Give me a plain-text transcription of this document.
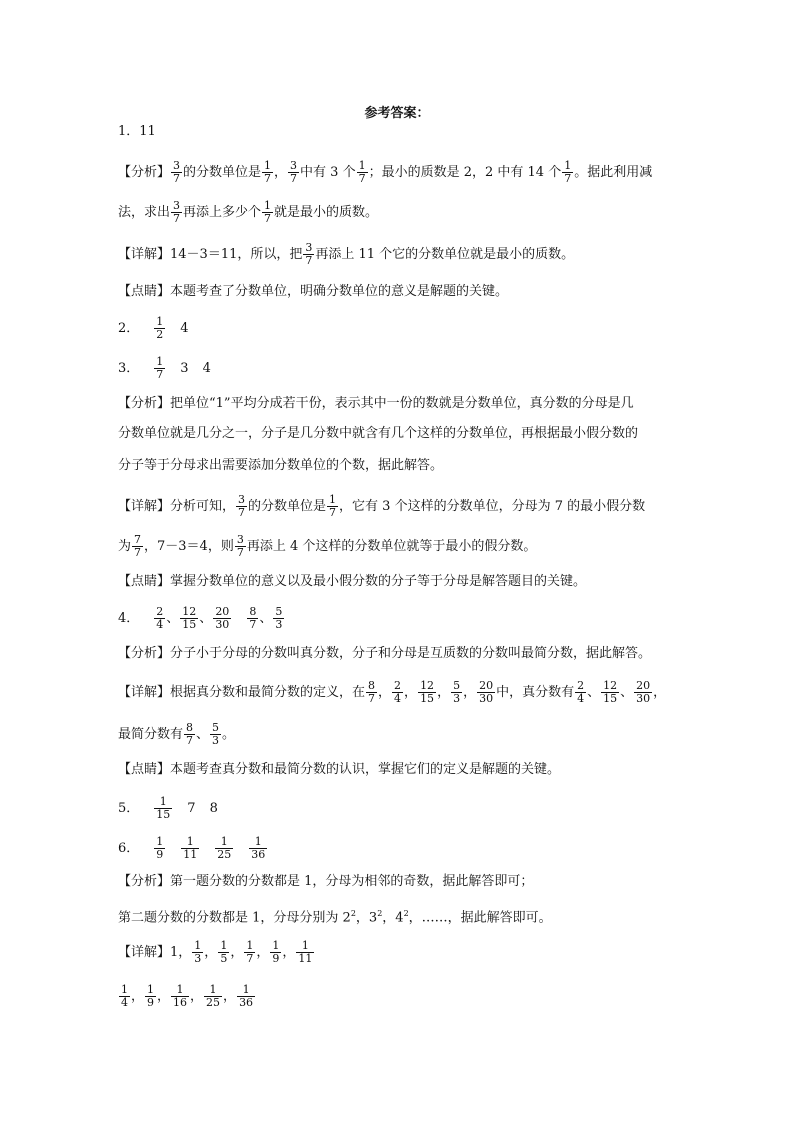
参考答案：
1．11
【分析】 $\frac{3}{7}$ 的分数单位是 $\frac{1}{7}$ ， $\frac{3}{7}$ 中有 3 个 $\frac{1}{7}$ ；最小的质数是 2，2 中有 14 个 $\frac{1}{7}$ 。据此利用减
法，求出 $\frac{3}{7}$ 再添上多少个 $\frac{1}{7}$ 就是最小的质数。
【详解】14－3＝11，所以，把 $\frac{3}{7}$ 再添上 11 个它的分数单位就是最小的质数。
【点睛】本题考查了分数单位，明确分数单位的意义是解题的关键。
2． $\frac{1}{2} 4$
3． $\frac{1}{7} 3$ 4
【分析】把单位“1”平均分成若干份，表示其中一份的数就是分数单位，真分数的分母是几
分数单位就是几分之一，分子是几分数中就含有几个这样的分数单位，再根据最小假分数的
分子等于分母求出需要添加分数单位的个数，据此解答。
【详解】分析可知， $\frac{3}{7}$ 的分数单位是 $\frac{1}{7}$ ，它有 3 个这样的分数单位，分母为 7 的最小假分数
为 $\frac{7}{7}$ ，7－3＝4，则 $\frac{3}{7}$ 再添上 4 个这样的分数单位就等于最小的假分数。
【点睛】掌握分数单位的意义以及最小假分数的分子等于分母是解答题目的关键。
4． $\frac{2}{4}$ 、 $\frac{12}{15}$ 、 $\frac{20}{30} \frac{8}{7}$ 、 $\frac{5}{3}$
【分析】分子小于分母的分数叫真分数，分子和分母是互质数的分数叫最简分数，据此解答。
【详解】根据真分数和最简分数的定义，在 $\frac{8}{7}$ ， $\frac{2}{4}$ ， $\frac{12}{15}$ ， $\frac{5}{3}$ ， $\frac{20}{30}$ 中，真分数有 $\frac{2}{4}$ 、 $\frac{12}{15}$ 、 $\frac{20}{30}$ ，
最简分数有 $\frac{8}{7}$ 、 $\frac{5}{3}$ 。
【点睛】本题考查真分数和最简分数的认识，掌握它们的定义是解题的关键。
5． $\frac{1}{15} 7$ 8
6． $\frac{1}{9} \frac{1}{11} \frac{1}{25} \frac{1}{36}$
【分析】第一题分数的分数都是 1，分母为相邻的奇数，据此解答即可；
第二题分数的分数都是 1，分母分别为 $2^2$，$3^2$，$4^2$，……，据此解答即可。
【详解】1， $\frac{1}{3}$ ， $\frac{1}{5}$ ， $\frac{1}{7}$ ， $\frac{1}{9}$ ， $\frac{1}{11}$
$\frac{1}{4}$ ， $\frac{1}{9}$ ， $\frac{1}{16}$ ， $\frac{1}{25}$ ， $\frac{1}{36}$
